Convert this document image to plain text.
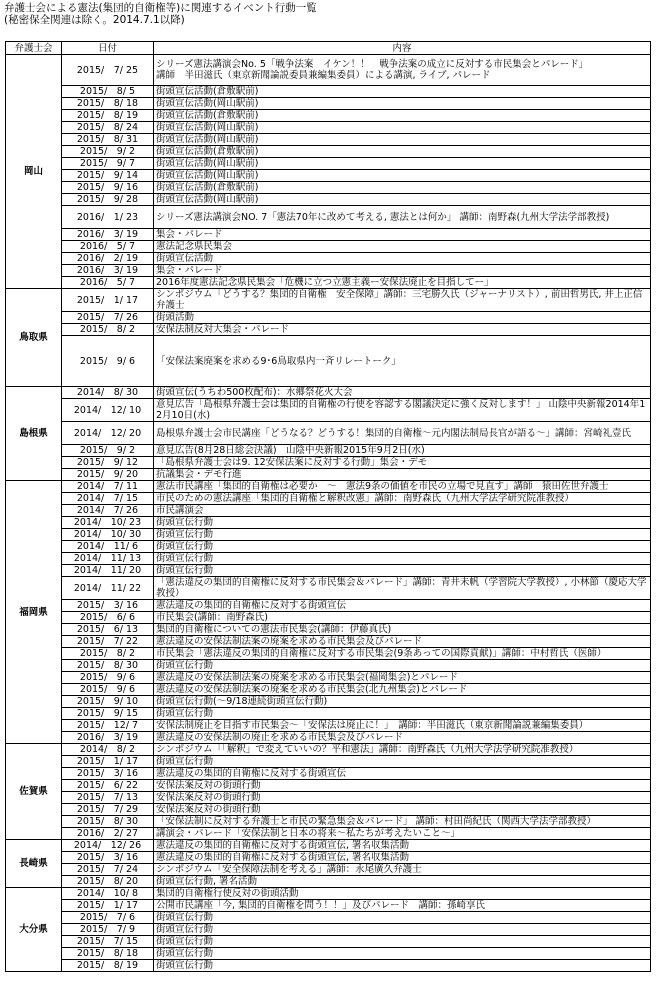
弁護士会による憲法(集団的自衛権等)に関連するイベント行動一覧
(秘密保全関連は除く。2014.7.1以降)
弁護士会	日付	内容
岡山	2015/　7/ 25	シリーズ憲法講演会No. 5「戦争法案　イケン！！　戦争法案の成立に反対する市民集会とパレード」
講師　半田滋氏（東京新聞論説委員兼編集委員）による講演, ライブ, パレード
	2015/　8/ 5	街頭宣伝活動(倉敷駅前)
	2015/　8/ 18	街頭宣伝活動(岡山駅前)
	2015/　8/ 19	街頭宣伝活動(倉敷駅前)
	2015/　8/ 24	街頭宣伝活動(岡山駅前)
	2015/　8/ 31	街頭宣伝活動(岡山駅前)
	2015/　9/ 2	街頭宣伝活動(倉敷駅前)
	2015/　9/ 7	街頭宣伝活動(岡山駅前)
	2015/　9/ 14	街頭宣伝活動(岡山駅前)
	2015/　9/ 16	街頭宣伝活動(倉敷駅前)
	2015/　9/ 28	街頭宣伝活動(岡山駅前)
	2016/　1/ 23	シリーズ憲法講演会NO. 7「憲法70年に改めて考える, 憲法とは何か」 講師：南野森(九州大学法学部教授)
	2016/　3/ 19	集会・パレード
	2016/　5/ 7	憲法記念県民集会
	2016/　2/ 19	街頭宣伝活動
	2016/　3/ 19	集会・パレード
	2016/　5/ 7	2016年度憲法記念県民集会「危機に立つ立憲主義ー安保法廃止を目指してー」
鳥取県	2015/　1/ 17	シンポジウム「どうする？集団的自衛権　安全保障」講師：三宅勝久氏（ジャーナリスト）, 前田哲男氏, 井上正信弁護士
	2015/　7/ 26	街頭活動
	2015/　8/ 2	安保法制反対大集会・パレード
	2015/　9/ 6	「安保法案廃案を求める9･6鳥取県内一斉リレートーク」
島根県	2014/　8/ 30	街頭宣伝(うちわ500枚配布)：水郷祭花火大会
	2014/　12/ 10	意見広告「島根県弁護士会は集団的自衛権の行使を容認する閣議決定に強く反対します！」 山陰中央新報2014年12月10日(水)
	2014/　12/ 20	島根県弁護士会市民講座「どうなる？どうする！集団的自衛権～元内閣法制局長官が語る～」講師：宮崎礼壹氏
	2015/　9/ 2	意見広告(8月28日総会決議)　山陰中央新報2015年9月2日(水)
	2015/　9/ 12	「島根県弁護士会は9. 12安保法案に反対する行動」集会・デモ
	2015/　9/ 20	抗議集会・デモ行進
福岡県	2014/　7/ 11	憲法市民講座「集団的自衛権は必要か　～　憲法9条の価値を市民の立場で見直す」講師　猿田佐世弁護士
	2014/　7/ 15	市民のための憲法講座「集団的自衛権と解釈改憲」講師：南野森氏（九州大学法学研究院准教授）
	2014/　7/ 26	市民講演会
	2014/　10/ 23	街頭宣伝行動
	2014/　10/ 30	街頭宣伝行動
	2014/　11/ 6	街頭宣伝行動
	2014/　11/ 13	街頭宣伝行動
	2014/　11/ 20	街頭宣伝行動
	2014/　11/ 22	「憲法違反の集団的自衛権に反対する市民集会＆パレード」講師：青井未帆（学習院大学教授）, 小林節（慶応大学教授）
	2015/　3/ 16	憲法違反の集団的自衛権に反対する街頭宣伝
	2015/　6/ 6	市民集会(講師：南野森氏)
	2015/　6/ 13	集団的自衛権についての憲法市民集会(講師：伊藤真氏)
	2015/　7/ 22	憲法違反の安保法制法案の廃案を求める市民集会及びパレード
	2015/　8/ 2	市民集会「憲法違反の集団的自衛権に反対する市民集会(9条あっての国際貢献)」講師：中村哲氏（医師）
	2015/　8/ 30	街頭宣伝行動
	2015/　9/ 6	憲法違反の安保法制法案の廃案を求める市民集会(福岡集会)とパレード
	2015/　9/ 6	憲法違反の安保法制法案の廃案を求める市民集会(北九州集会)とパレード
	2015/　9/ 10	街頭宣伝行動(～9/18連続街頭宣伝行動)
	2015/　9/ 15	街頭宣伝行動
	2015/　12/ 7	安保法制廃止を目指す市民集会～「安保法は廃止に！」　講師：半田滋氏（東京新聞論説兼編集委員）
	2016/　3/ 19	憲法違反の安保法制の廃止を求める市民集会及びパレード
佐賀県	2014/　8/ 2	シンポジウム「「解釈」で変えていいの？平和憲法」講師：南野森氏（九州大学法学研究院准教授）
	2015/　1/ 17	街頭宣伝行動
	2015/　3/ 16	憲法違反の集団的自衛権に反対する街頭宣伝
	2015/　6/ 22	安保法案反対の街頭行動
	2015/　7/ 13	安保法案反対の街頭行動
	2015/　7/ 29	安保法案反対の街頭行動
	2015/　8/ 30	「安保法制に反対する弁護士と市民の緊急集会＆パレード」 講師：村田尚紀氏（関西大学法学部教授）
	2016/　2/ 27	講演会・パレード「安保法制と日本の将来～私たちが考えたいこと～」
長崎県	2014/　12/ 26	憲法違反の集団的自衛権に反対する街頭宣伝, 署名収集活動
	2015/　3/ 16	憲法違反の集団的自衛権に反対する街頭宣伝, 署名収集活動
	2015/　7/ 24	シンポジウム「安全保障法制を考える」講師：永尾廣久弁護士
	2015/　8/ 20	街頭宣伝行動, 署名活動
大分県	2014/　10/ 8	集団的自衛権行使反対の街頭活動
	2015/　1/ 17	公開市民講座「今, 集団的自衛権を問う！！」及びパレード　講師：孫崎享氏
	2015/　7/ 6	街頭宣伝行動
	2015/　7/ 9	街頭宣伝行動
	2015/　7/ 15	街頭宣伝行動
	2015/　8/ 18	街頭宣伝行動
	2015/　8/ 19	街頭宣伝行動
